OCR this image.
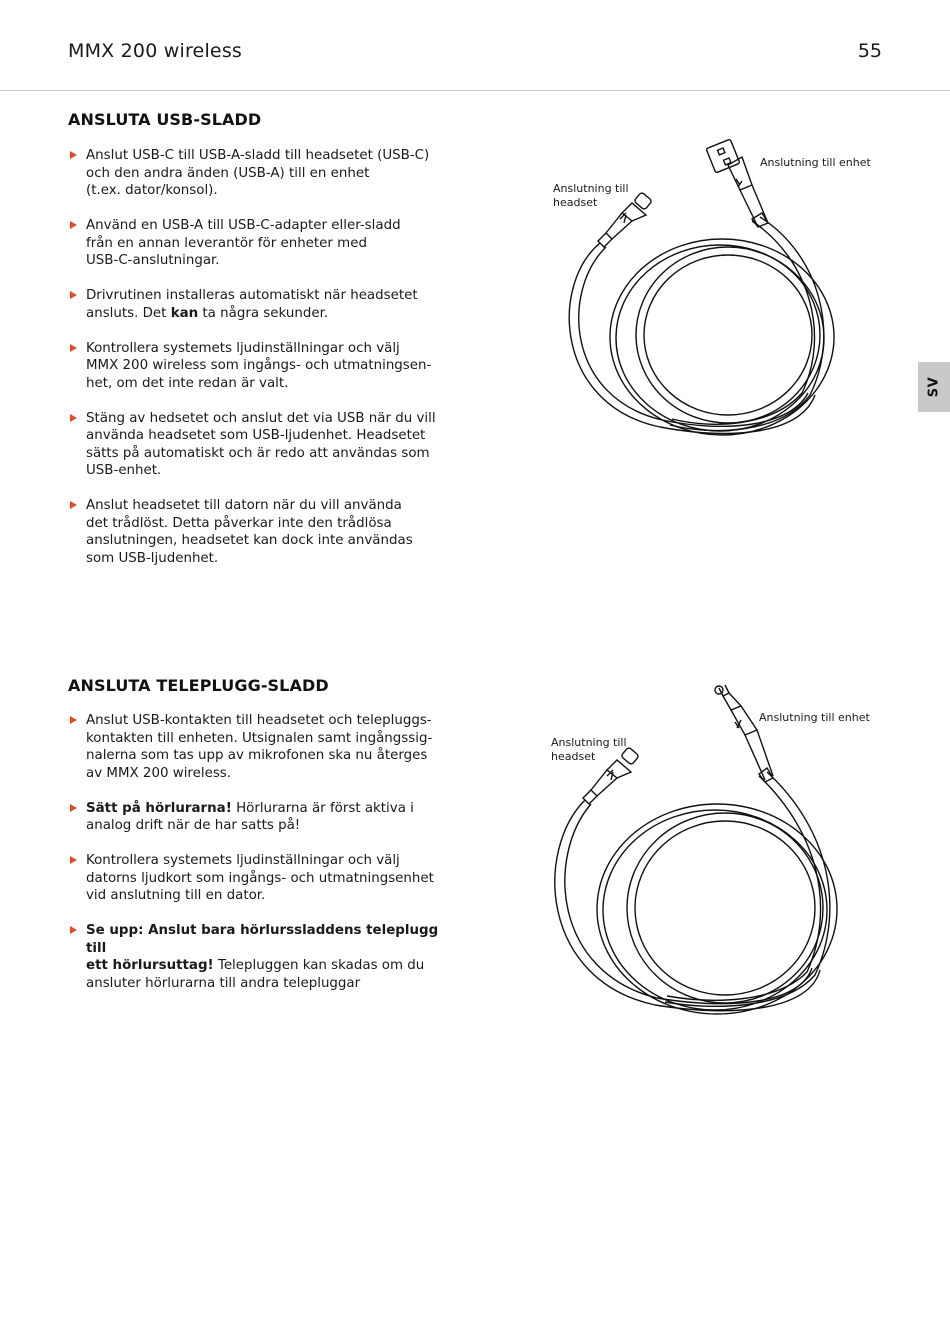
MMX 200 wireless	55
SV
ANSLUTA USB-SLADD
Anslut USB-C till USB-A-sladd till headsetet (USB-C)
och den andra änden (USB-A) till en enhet
(t.ex. dator/konsol).
Använd en USB-A till USB-C-adapter eller-sladd
från en annan leverantör för enheter med
USB-C-anslutningar.
Drivrutinen installeras automatiskt när headsetet
ansluts. Det kan ta några sekunder.
Kontrollera systemets ljudinställningar och välj
MMX 200 wireless som ingångs- och utmatningsen-
het, om det inte redan är valt.
Stäng av hedsetet och anslut det via USB när du vill
använda headsetet som USB-ljudenhet. Headsetet
sätts på automatiskt och är redo att användas som
USB-enhet.
Anslut headsetet till datorn när du vill använda
det trådlöst. Detta påverkar inte den trådlösa
anslutningen, headsetet kan dock inte användas
som USB-ljudenhet.
Anslutning till enhet
Anslutning till
headset
ANSLUTA TELEPLUGG-SLADD
Anslut USB-kontakten till headsetet och telepluggs-
kontakten till enheten. Utsignalen samt ingångssig-
nalerna som tas upp av mikrofonen ska nu återges
av MMX 200 wireless.
Sätt på hörlurarna! Hörlurarna är först aktiva i
analog drift när de har satts på!
Kontrollera systemets ljudinställningar och välj
datorns ljudkort som ingångs- och utmatningsenhet
vid anslutning till en dator.
Se upp: Anslut bara hörlurssladdens teleplugg till
ett hörlursuttag! Telepluggen kan skadas om du
ansluter hörlurarna till andra telepluggar
Anslutning till enhet
Anslutning till
headset
